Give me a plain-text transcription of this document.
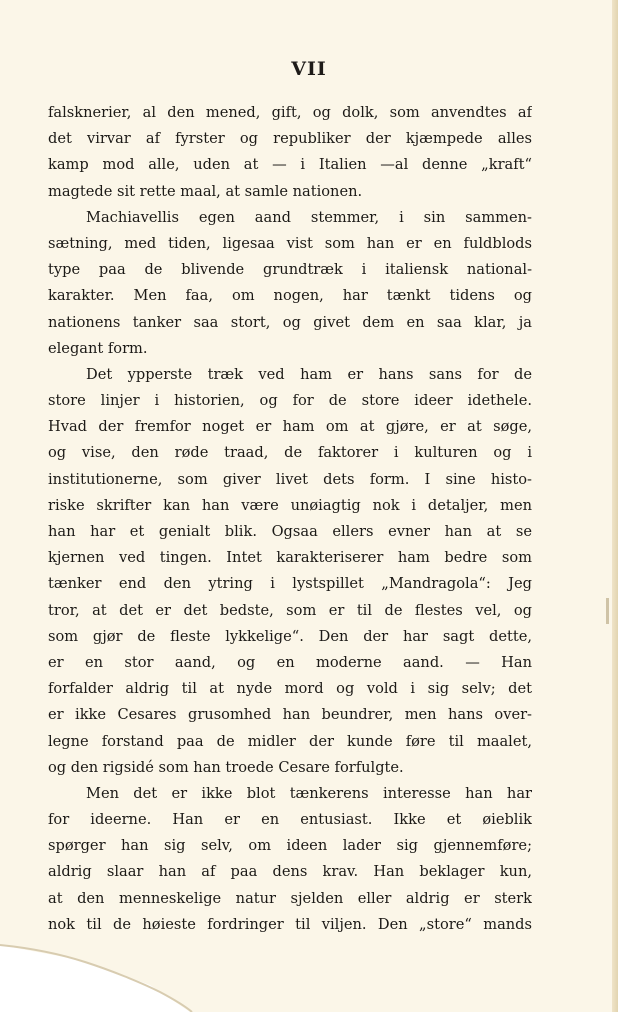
VII
falsknerier, al den mened, gift, og dolk, som anvendtes af
det virvar af fyrster og republiker der kjæmpede alles
kamp mod alle, uden at — i Italien —al denne „kraft“
magtede sit rette maal, at samle nationen.
Machiavellis egen aand stemmer, i sin sammen-
sætning, med tiden, ligesaa vist som han er en fuldblods
type paa de blivende grundtræk i italiensk national-
karakter. Men faa, om nogen, har tænkt tidens og
nationens tanker saa stort, og givet dem en saa klar, ja
elegant form.
Det ypperste træk ved ham er hans sans for de
store linjer i historien, og for de store ideer idethele.
Hvad der fremfor noget er ham om at gjøre, er at søge,
og vise, den røde traad, de faktorer i kulturen og i
institutionerne, som giver livet dets form. I sine histo-
riske skrifter kan han være unøiagtig nok i detaljer, men
han har et genialt blik. Ogsaa ellers evner han at se
kjernen ved tingen. Intet karakteriserer ham bedre som
tænker end den ytring i lystspillet „Mandragola“: Jeg
tror, at det er det bedste, som er til de flestes vel, og
som gjør de fleste lykkelige“. Den der har sagt dette,
er en stor aand, og en moderne aand. — Han
forfalder aldrig til at nyde mord og vold i sig selv; det
er ikke Cesares grusomhed han beundrer, men hans over-
legne forstand paa de midler der kunde føre til maalet,
og den rigsidé som han troede Cesare forfulgte.
Men det er ikke blot tænkerens interesse han har
for ideerne. Han er en entusiast. Ikke et øieblik
spørger han sig selv, om ideen lader sig gjennemføre;
aldrig slaar han af paa dens krav. Han beklager kun,
at den menneskelige natur sjelden eller aldrig er sterk
nok til de høieste fordringer til viljen. Den „store“ mands
